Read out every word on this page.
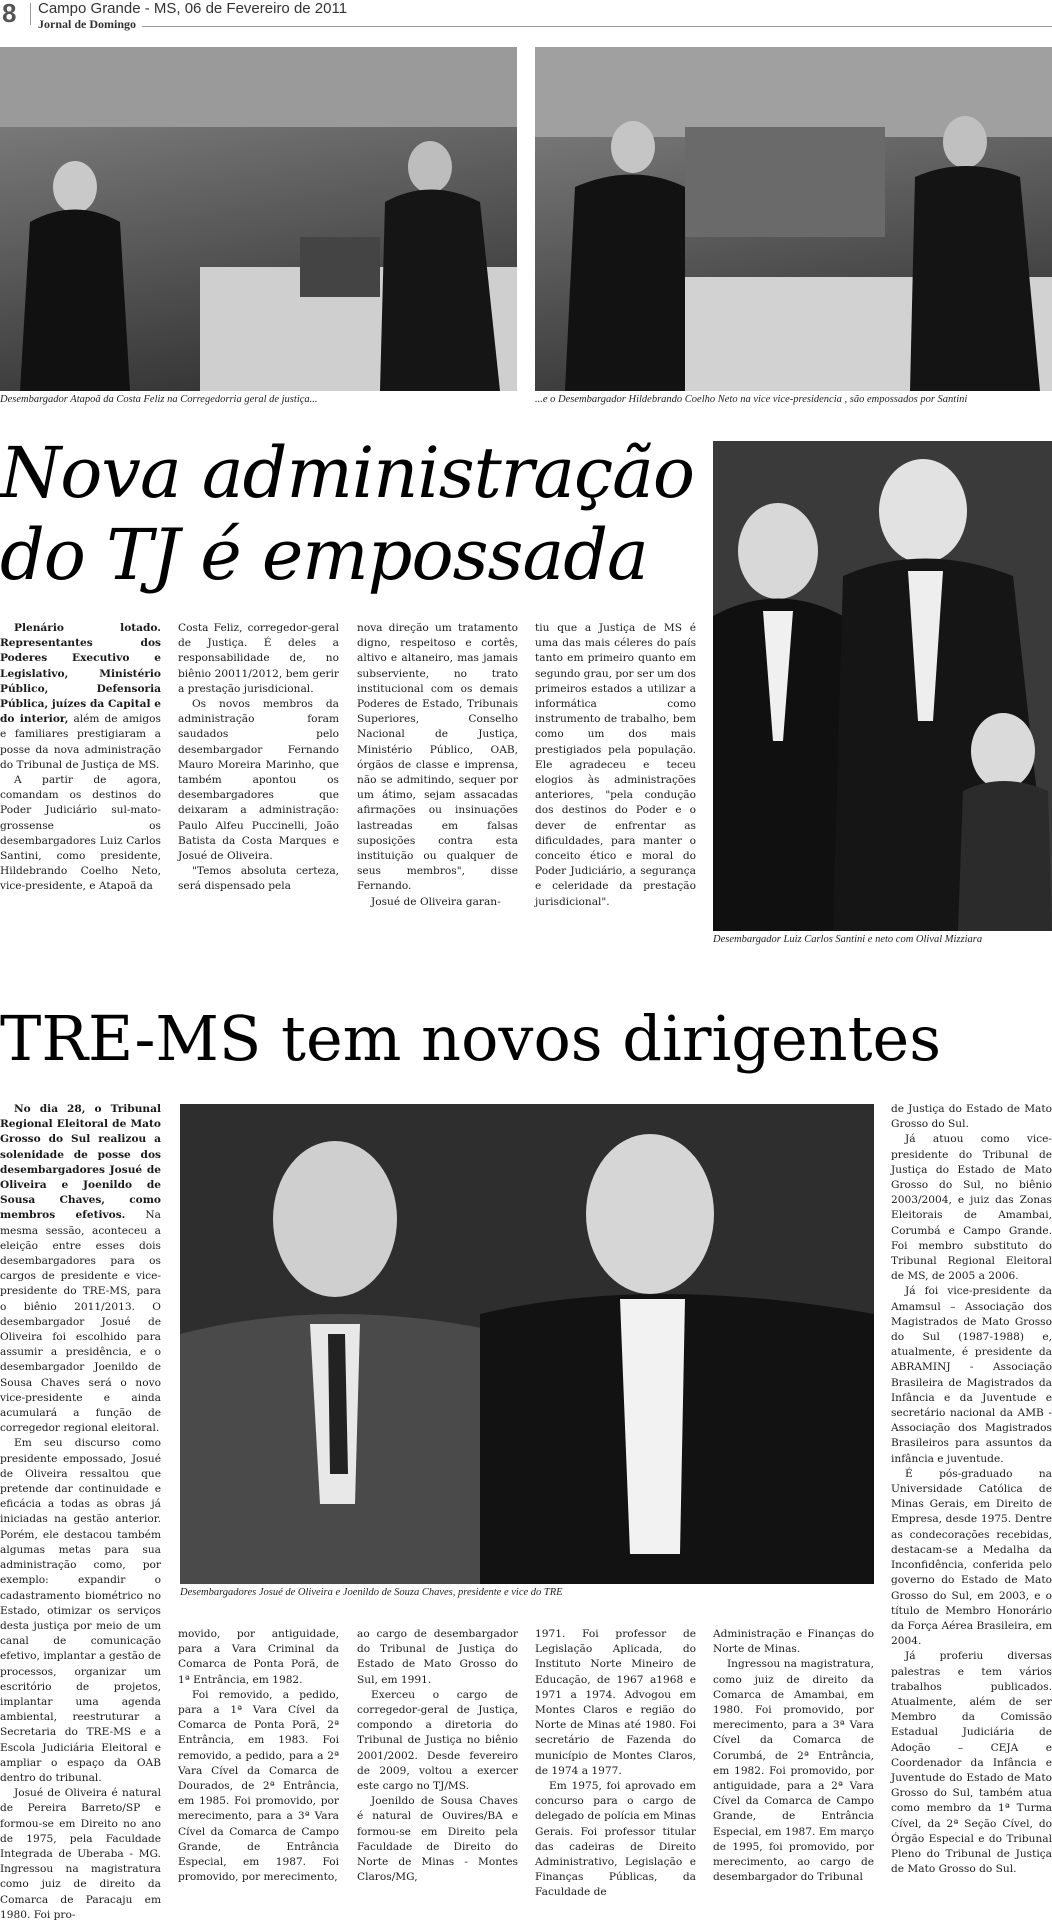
8 Campo Grande - MS, 06 de Fevereiro de 2011
Jornal de Domingo
Desembargador Atapoã da Costa Feliz na Corregedorria geral de justiça...	...e o Desembargador Hildebrando Coelho Neto na vice vice-presidencia , são empossados por Santini
Nova administração
do TJ é empossada
Desembargador Luiz Carlos Santini e neto com Olival Mizziara

Plenário lotado. Representantes dos Poderes Executivo e Legislativo, Ministério Público, Defensoria Pública, juízes da Capital e do interior, além de amigos e familiares prestigiaram a posse da nova administração do Tribunal de Justiça de MS.

A partir de agora, comandam os destinos do Poder Judiciário sul-mato-grossense os desembargadores Luiz Carlos Santini, como presidente, Hildebrando Coelho Neto, vice-presidente, e Atapoã da

Costa Feliz, corregedor-geral de Justiça. É deles a responsabilidade de, no biênio 20011/2012, bem gerir a prestação jurisdicional.

Os novos membros da administração foram saudados pelo desembargador Fernando Mauro Moreira Marinho, que também apontou os desembargadores que deixaram a administração: Paulo Alfeu Puccinelli, João Batista da Costa Marques e Josué de Oliveira.

"Temos absoluta certeza, será dispensado pela

nova direção um tratamento digno, respeitoso e cortês, altivo e altaneiro, mas jamais subserviente, no trato institucional com os demais Poderes de Estado, Tribunais Superiores, Conselho Nacional de Justiça, Ministério Público, OAB, órgãos de classe e imprensa, não se admitindo, sequer por um átimo, sejam assacadas afirmações ou insinuações lastreadas em falsas suposições contra esta instituição ou qualquer de seus membros", disse Fernando.

Josué de Oliveira garan-

tiu que a Justiça de MS é uma das mais céleres do país tanto em primeiro quanto em segundo grau, por ser um dos primeiros estados a utilizar a informática como instrumento de trabalho, bem como um dos mais prestigiados pela população. Ele agradeceu e teceu elogios às administrações anteriores, "pela condução dos destinos do Poder e o dever de enfrentar as dificuldades, para manter o conceito ético e moral do Poder Judiciário, a segurança e celeridade da prestação jurisdicional".

TRE-MS tem novos dirigentes
Desembargadores Josué de Oliveira e Joenildo de Souza Chaves, presidente e vice do TRE

No dia 28, o Tribunal Regional Eleitoral de Mato Grosso do Sul realizou a solenidade de posse dos desembargadores Josué de Oliveira e Joenildo de Sousa Chaves, como membros efetivos. Na mesma sessão, aconteceu a eleição entre esses dois desembargadores para os cargos de presidente e vice-presidente do TRE-MS, para o biênio 2011/2013. O desembargador Josué de Oliveira foi escolhido para assumir a presidência, e o desembargador Joenildo de Sousa Chaves será o novo vice-presidente e ainda acumulará a função de corregedor regional eleitoral.

Em seu discurso como presidente empossado, Josué de Oliveira ressaltou que pretende dar continuidade e eficácia a todas as obras já iniciadas na gestão anterior. Porém, ele destacou também algumas metas para sua administração como, por exemplo: expandir o cadastramento biométrico no Estado, otimizar os serviços desta justiça por meio de um canal de comunicação efetivo, implantar a gestão de processos, organizar um escritório de projetos, implantar uma agenda ambiental, reestruturar a Secretaria do TRE-MS e a Escola Judiciária Eleitoral e ampliar o espaço da OAB dentro do tribunal.

Josué de Oliveira é natural de Pereira Barreto/SP e formou-se em Direito no ano de 1975, pela Faculdade Integrada de Uberaba - MG. Ingressou na magistratura como juiz de direito da Comarca de Paracaju em 1980. Foi pro-

movido, por antiguidade, para a Vara Criminal da Comarca de Ponta Porã, de 1ª Entrância, em 1982.

Foi removido, a pedido, para a 1ª Vara Cível da Comarca de Ponta Porã, 2ª Entrância, em 1983. Foi removido, a pedido, para a 2ª Vara Cível da Comarca de Dourados, de 2ª Entrância, em 1985. Foi promovido, por merecimento, para a 3ª Vara Cível da Comarca de Campo Grande, de Entrância Especial, em 1987. Foi promovido, por merecimento,

ao cargo de desembargador do Tribunal de Justiça do Estado de Mato Grosso do Sul, em 1991.

Exerceu o cargo de corregedor-geral de Justiça, compondo a diretoria do Tribunal de Justiça no biênio 2001/2002. Desde fevereiro de 2009, voltou a exercer este cargo no TJ/MS.

Joenildo de Sousa Chaves é natural de Ouvires/BA e formou-se em Direito pela Faculdade de Direito do Norte de Minas - Montes Claros/MG,

1971. Foi professor de Legislação Aplicada, do Instituto Norte Mineiro de Educação, de 1967 a1968 e 1971 a 1974. Advogou em Montes Claros e região do Norte de Minas até 1980. Foi secretário de Fazenda do município de Montes Claros, de 1974 a 1977.

Em 1975, foi aprovado em concurso para o cargo de delegado de polícia em Minas Gerais. Foi professor titular das cadeiras de Direito Administrativo, Legislação e Finanças Públicas, da Faculdade de

Administração e Finanças do Norte de Minas.

Ingressou na magistratura, como juiz de direito da Comarca de Amambai, em 1980. Foi promovido, por merecimento, para a 3ª Vara Cível da Comarca de Corumbá, de 2ª Entrância, em 1982. Foi promovido, por antiguidade, para a 2ª Vara Cível da Comarca de Campo Grande, de Entrância Especial, em 1987. Em março de 1995, foi promovido, por merecimento, ao cargo de desembargador do Tribunal

de Justiça do Estado de Mato Grosso do Sul.

Já atuou como vice-presidente do Tribunal de Justiça do Estado de Mato Grosso do Sul, no biênio 2003/2004, e juiz das Zonas Eleitorais de Amambai, Corumbá e Campo Grande. Foi membro substituto do Tribunal Regional Eleitoral de MS, de 2005 a 2006.

Já foi vice-presidente da Amamsul – Associação dos Magistrados de Mato Grosso do Sul (1987-1988) e, atualmente, é presidente da ABRAMINJ - Associação Brasileira de Magistrados da Infância e da Juventude e secretário nacional da AMB - Associação dos Magistrados Brasileiros para assuntos da infância e juventude.

É pós-graduado na Universidade Católica de Minas Gerais, em Direito de Empresa, desde 1975. Dentre as condecorações recebidas, destacam-se a Medalha da Inconfidência, conferida pelo governo do Estado de Mato Grosso do Sul, em 2003, e o título de Membro Honorário da Força Aérea Brasileira, em 2004.

Já proferiu diversas palestras e tem vários trabalhos publicados. Atualmente, além de ser Membro da Comissão Estadual Judiciária de Adoção – CEJA e Coordenador da Infância e Juventude do Estado de Mato Grosso do Sul, também atua como membro da 1ª Turma Cível, da 2ª Seção Cível, do Órgão Especial e do Tribunal Pleno do Tribunal de Justiça de Mato Grosso do Sul.
